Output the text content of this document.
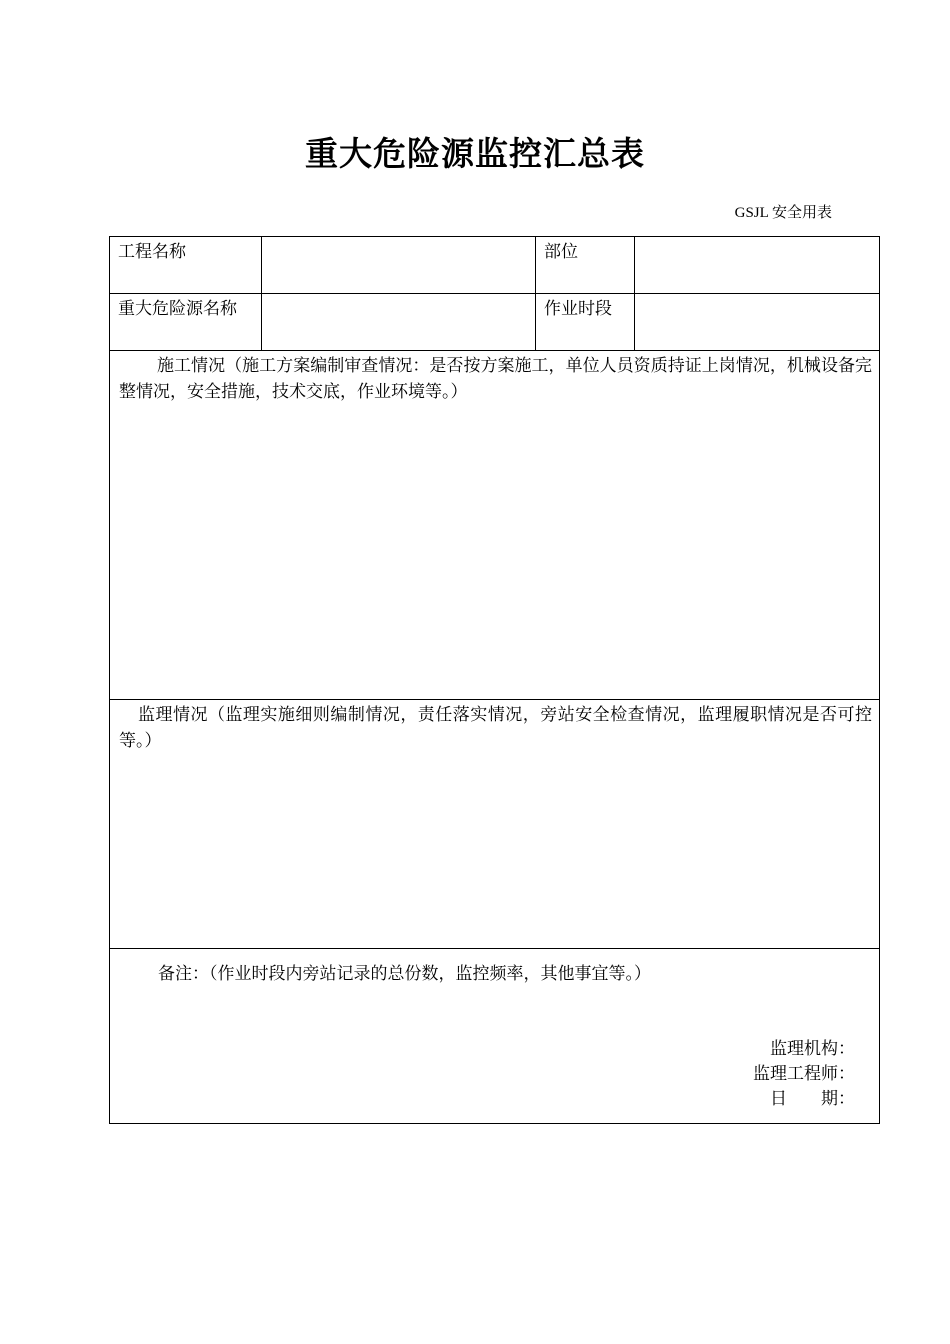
重大危险源监控汇总表
GSJL 安全用表
工程名称		部位	
重大危险源名称		作业时段	

施工情况（施工方案编制审查情况：是否按方案施工，单位人员资质持证上岗情况，机械设备完整情况，安全措施，技术交底，作业环境等。）			

监理情况（监理实施细则编制情况，责任落实情况，旁站安全检查情况，监理履职情况是否可控等。）			

备注：（作业时段内旁站记录的总份数，监控频率，其他事宜等。）
监理机构：
监理工程师：
日　　期：			
